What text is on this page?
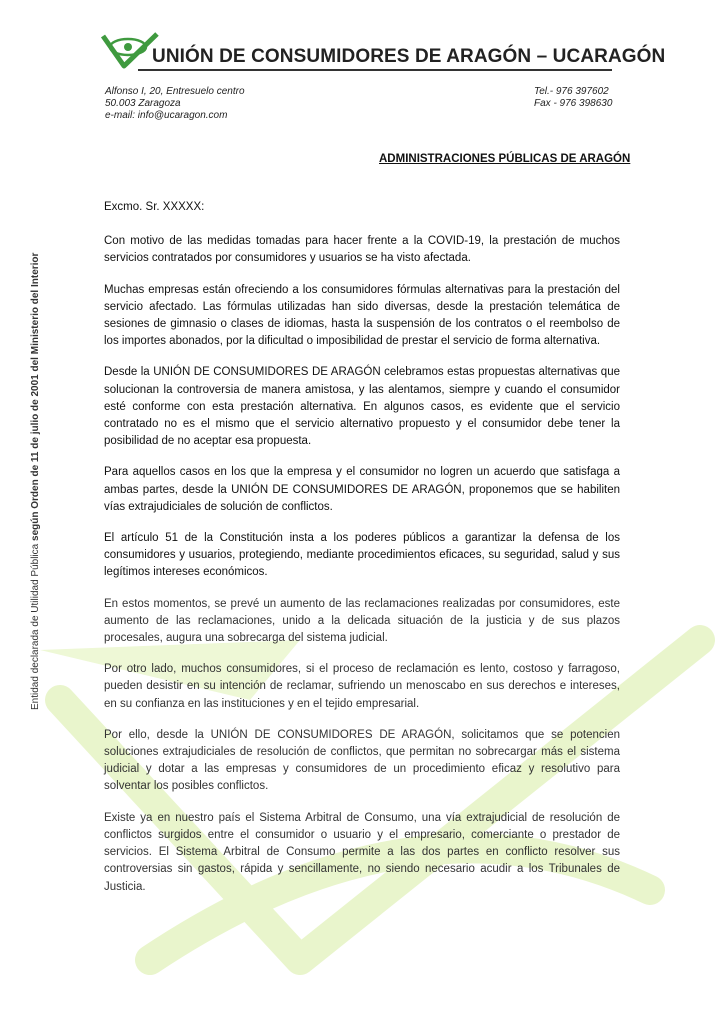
UNIÓN DE CONSUMIDORES DE ARAGÓN – UCARAGÓN
Alfonso I, 20, Entresuelo centro
50.003 Zaragoza
e-mail: info@ucaragon.com
Tel.- 976 397602
Fax - 976 398630
Entidad declarada de Utilidad Pública según Orden de 11 de julio de 2001 del Ministerio del Interior
ADMINISTRACIONES PÚBLICAS DE ARAGÓN

Excmo. Sr. XXXXX:

Con motivo de las medidas tomadas para hacer frente a la COVID-19, la prestación de muchos servicios contratados por consumidores y usuarios se ha visto afectada.

Muchas empresas están ofreciendo a los consumidores fórmulas alternativas para la prestación del servicio afectado. Las fórmulas utilizadas han sido diversas, desde la prestación telemática de sesiones de gimnasio o clases de idiomas, hasta la suspensión de los contratos o el reembolso de los importes abonados, por la dificultad o imposibilidad de prestar el servicio de forma alternativa.

Desde la UNIÓN DE CONSUMIDORES DE ARAGÓN celebramos estas propuestas alternativas que solucionan la controversia de manera amistosa, y las alentamos, siempre y cuando el consumidor esté conforme con esta prestación alternativa. En algunos casos, es evidente que el servicio contratado no es el mismo que el servicio alternativo propuesto y el consumidor debe tener la posibilidad de no aceptar esa propuesta.

Para aquellos casos en los que la empresa y el consumidor no logren un acuerdo que satisfaga a ambas partes, desde la UNIÓN DE CONSUMIDORES DE ARAGÓN, proponemos que se habiliten vías extrajudiciales de solución de conflictos.

El artículo 51 de la Constitución insta a los poderes públicos a garantizar la defensa de los consumidores y usuarios, protegiendo, mediante procedimientos eficaces, su seguridad, salud y sus legítimos intereses económicos.

En estos momentos, se prevé un aumento de las reclamaciones realizadas por consumidores, este aumento de las reclamaciones, unido a la delicada situación de la justicia y de sus plazos procesales, augura una sobrecarga del sistema judicial.

Por otro lado, muchos consumidores, si el proceso de reclamación es lento, costoso y farragoso, pueden desistir en su intención de reclamar, sufriendo un menoscabo en sus derechos e intereses, en su confianza en las instituciones y en el tejido empresarial.

Por ello, desde la UNIÓN DE CONSUMIDORES DE ARAGÓN, solicitamos que se potencien soluciones extrajudiciales de resolución de conflictos, que permitan no sobrecargar más el sistema judicial y dotar a las empresas y consumidores de un procedimiento eficaz y resolutivo para solventar los posibles conflictos.

Existe ya en nuestro país el Sistema Arbitral de Consumo, una vía extrajudicial de resolución de conflictos surgidos entre el consumidor o usuario y el empresario, comerciante o prestador de servicios. El Sistema Arbitral de Consumo permite a las dos partes en conflicto resolver sus controversias sin gastos, rápida y sencillamente, no siendo necesario acudir a los Tribunales de Justicia.
